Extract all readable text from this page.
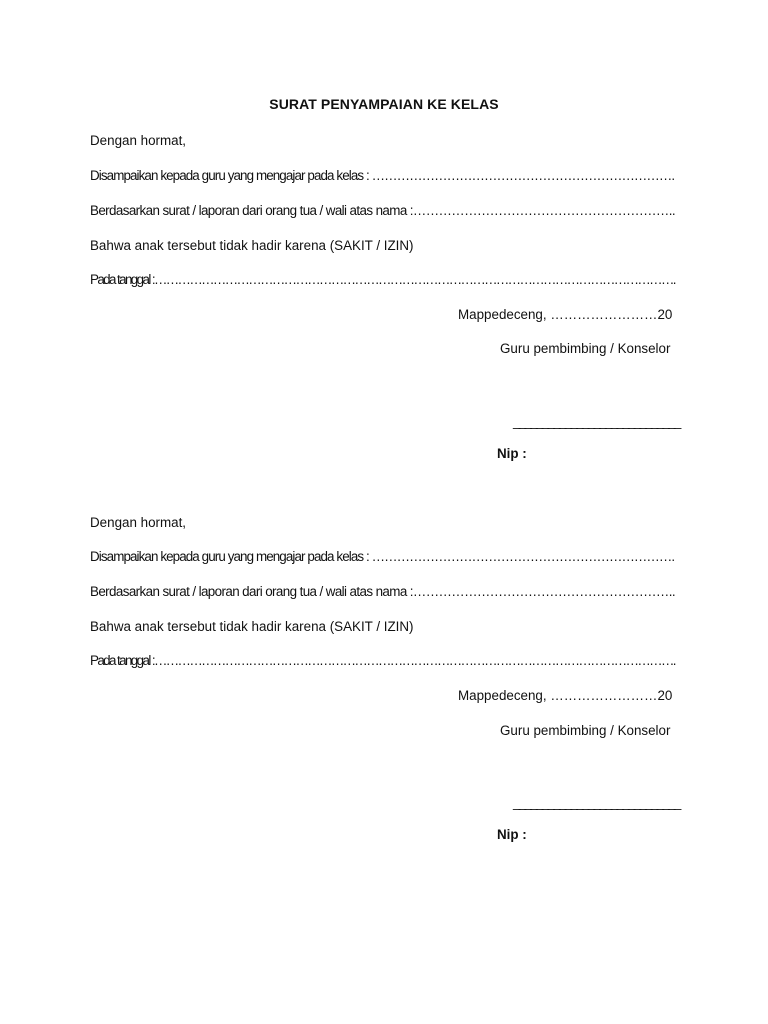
SURAT PENYAMPAIAN KE KELAS
Dengan hormat,
Disampaikan kepada guru yang mengajar pada kelas : ……………………………………………………………….
Berdasarkan surat / laporan dari orang tua / wali atas nama :……………………………………………………..
Bahwa anak tersebut tidak hadir karena (SAKIT / IZIN)
Pada tanggal :…………………………………………………………………………………………………………………….
Mappedeceng, ……………………20
Guru pembimbing / Konselor
_____________________________
Nip :
Dengan hormat,
Disampaikan kepada guru yang mengajar pada kelas : ……………………………………………………………….
Berdasarkan surat / laporan dari orang tua / wali atas nama :……………………………………………………..
Bahwa anak tersebut tidak hadir karena (SAKIT / IZIN)
Pada tanggal :…………………………………………………………………………………………………………………….
Mappedeceng, ……………………20
Guru pembimbing / Konselor
_____________________________
Nip :
